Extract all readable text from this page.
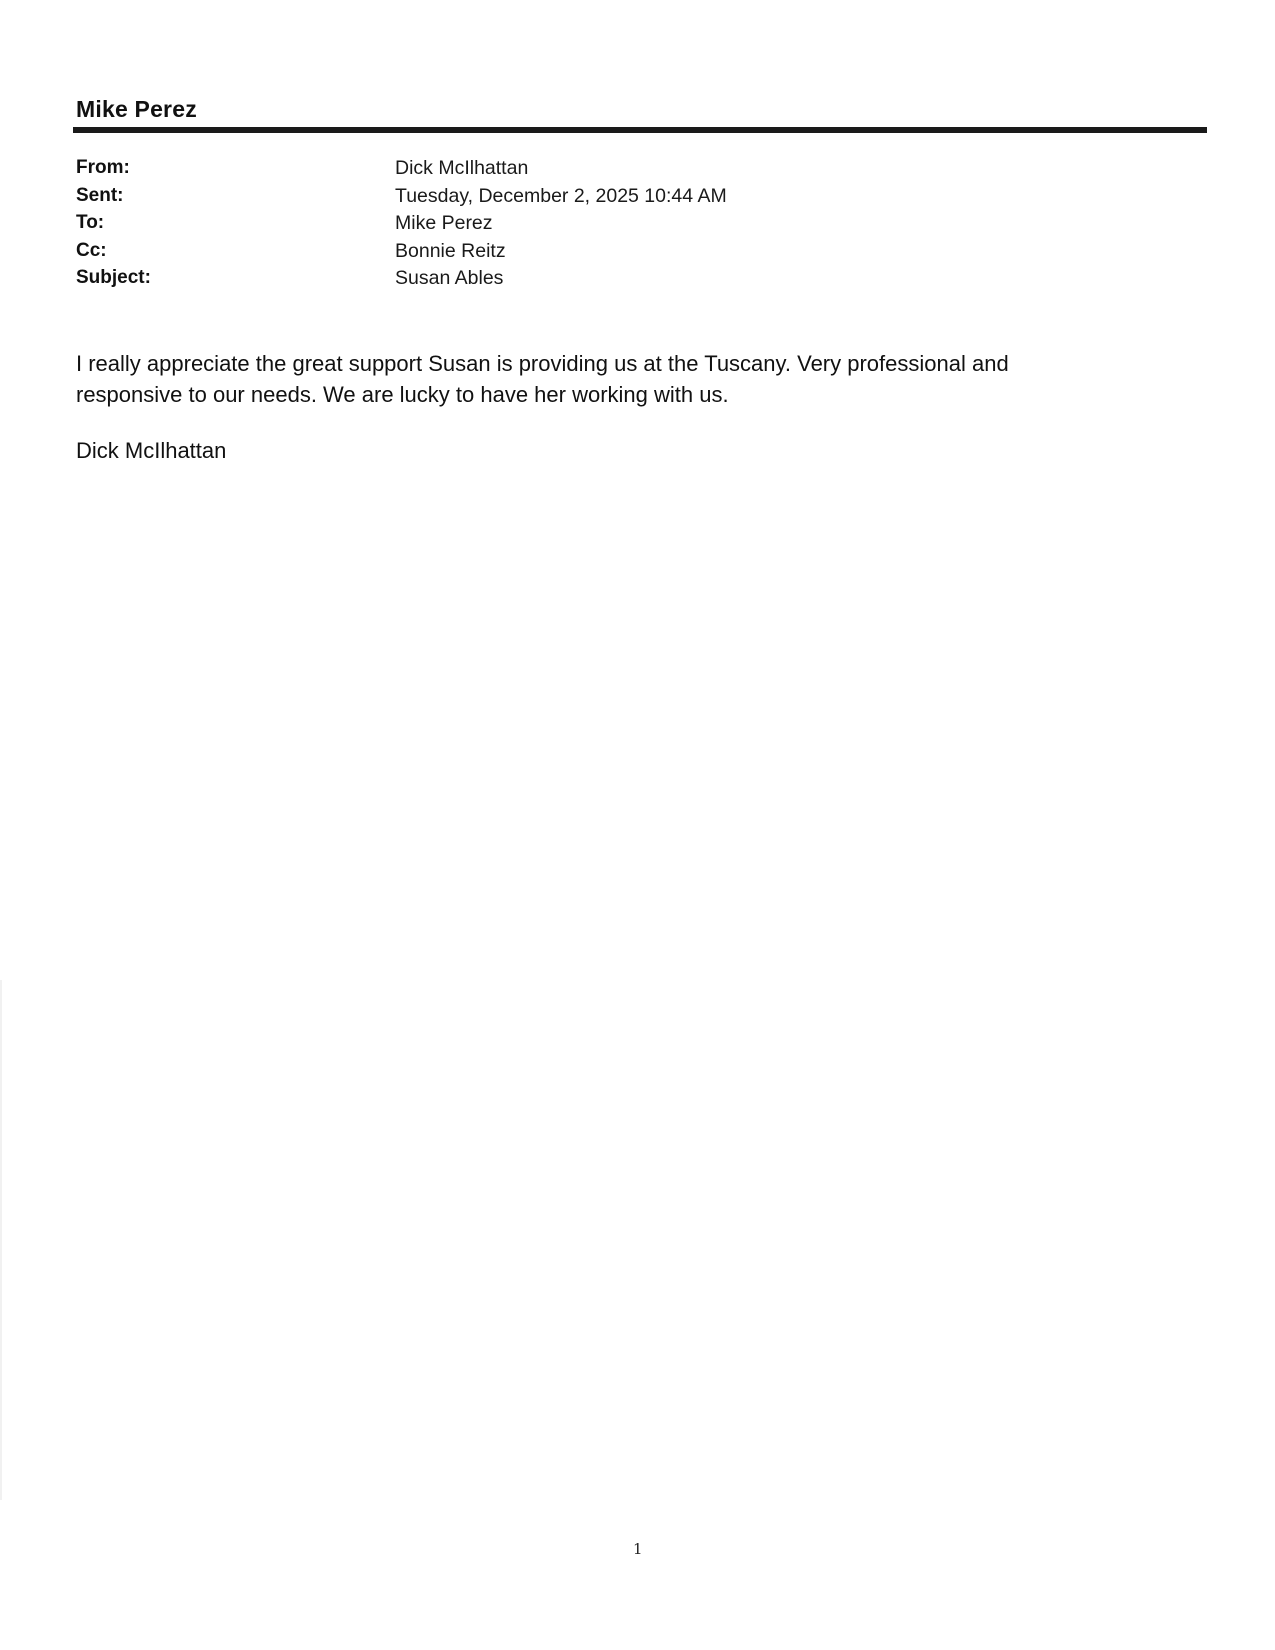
Mike Perez
From:	Dick McIlhattan
Sent:	Tuesday, December 2, 2025 10:44 AM
To:	Mike Perez
Cc:	Bonnie Reitz
Subject:	Susan Ables

I really appreciate the great support Susan is providing us at the Tuscany. Very professional and

responsive to our needs. We are lucky to have her working with us.

Dick McIlhattan
1
